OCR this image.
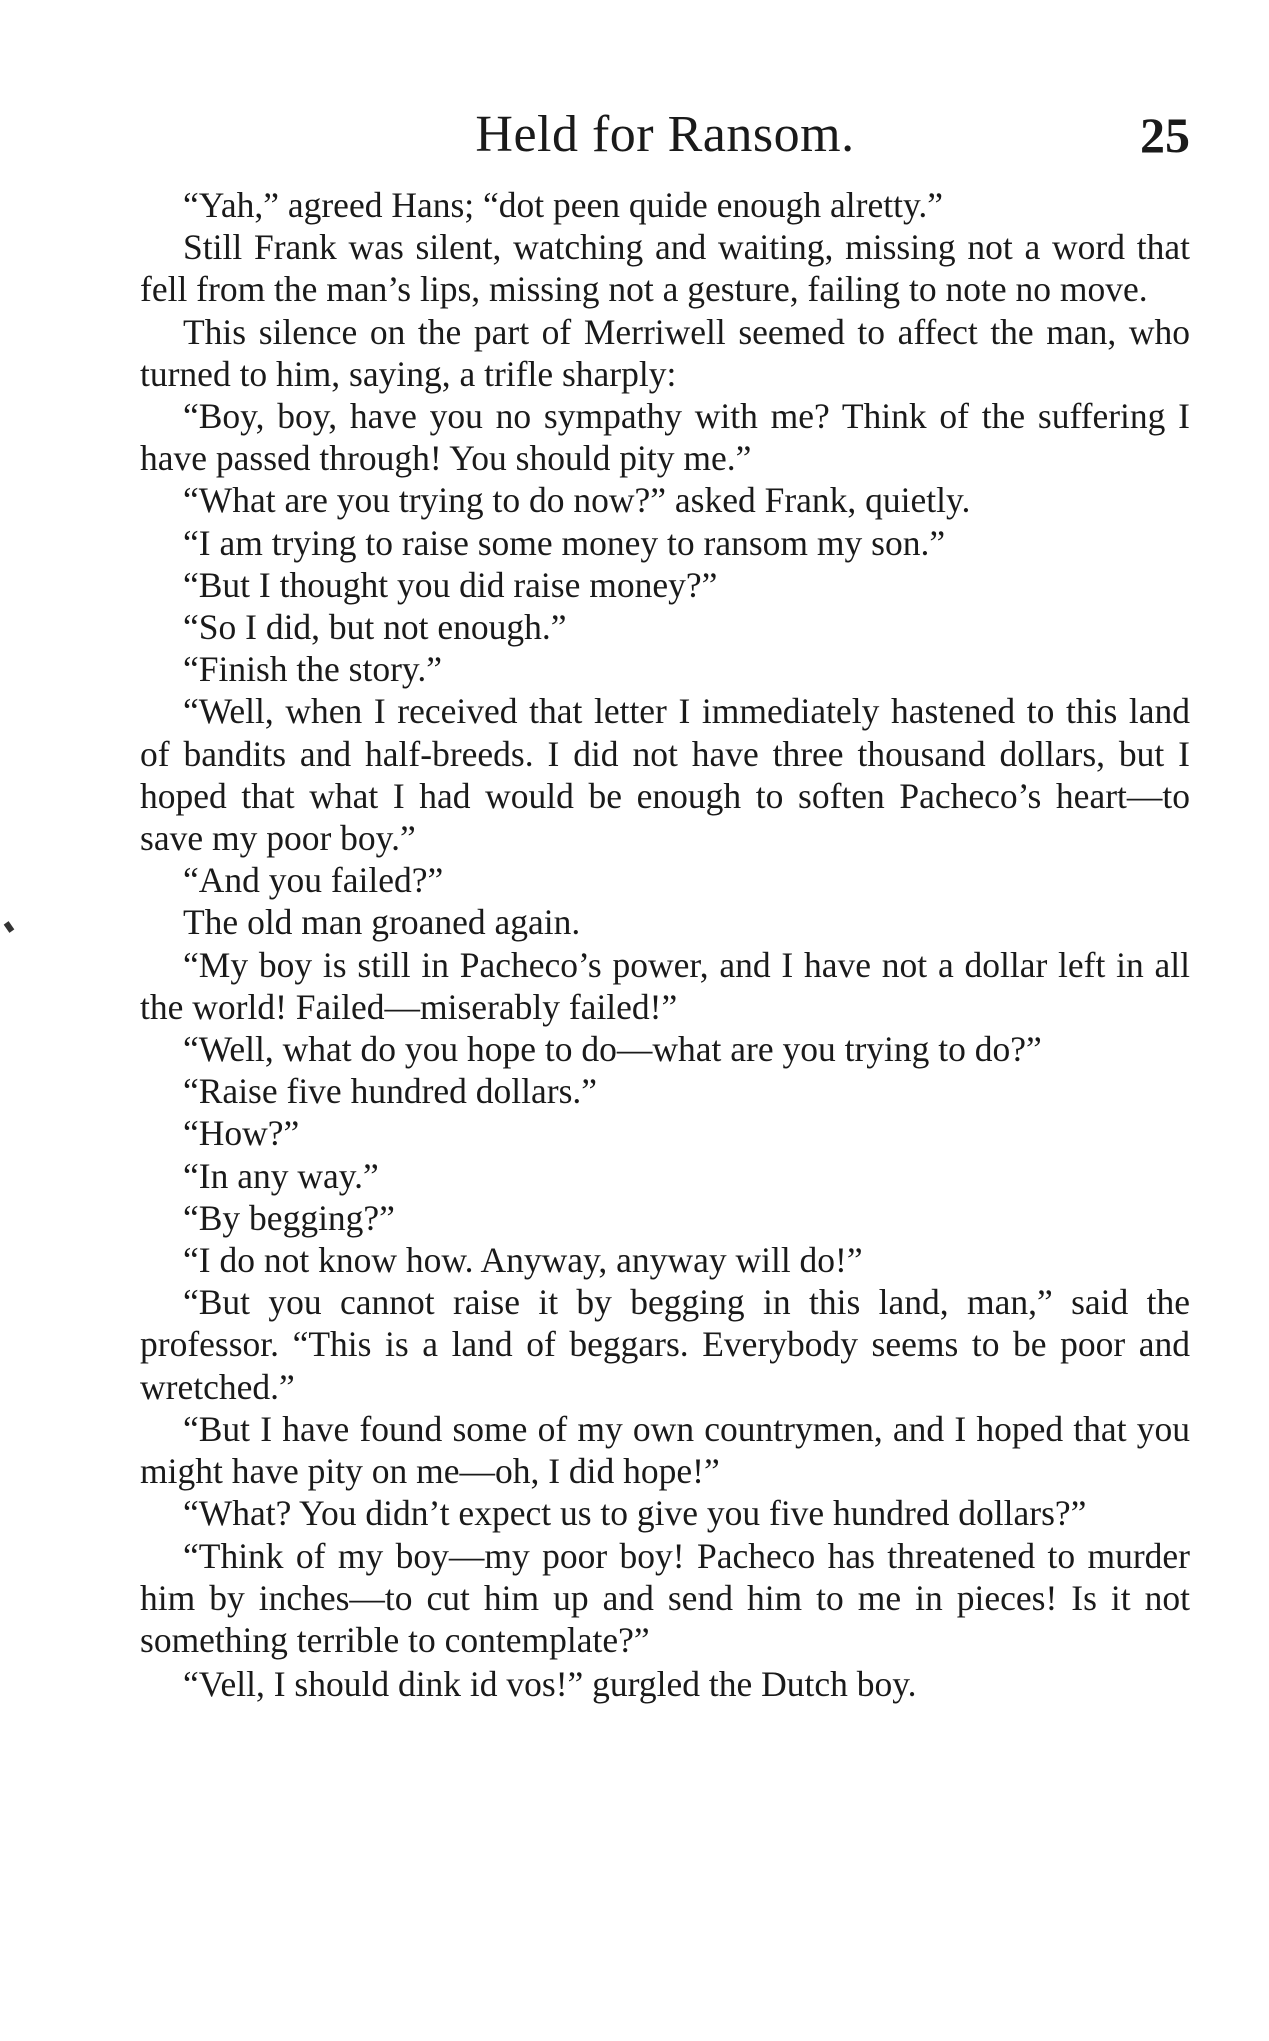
Held for Ransom.	25

“Yah,” agreed Hans; “dot peen quide enough alretty.”

Still Frank was silent, watching and waiting, missing not a word that fell from the man’s lips, missing not a gesture, failing to note no move.

This silence on the part of Merriwell seemed to affect the man, who turned to him, saying, a trifle sharply:

“Boy, boy, have you no sympathy with me? Think of the suffering I have passed through! You should pity me.”

“What are you trying to do now?” asked Frank, quietly.

“I am trying to raise some money to ransom my son.”

“But I thought you did raise money?”

“So I did, but not enough.”

“Finish the story.”

“Well, when I received that letter I immediately hastened to this land of bandits and half-breeds. I did not have three thousand dollars, but I hoped that what I had would be enough to soften Pacheco’s heart—to save my poor boy.”

“And you failed?”

The old man groaned again.

“My boy is still in Pacheco’s power, and I have not a dollar left in all the world! Failed—miserably failed!”

“Well, what do you hope to do—what are you trying to do?”

“Raise five hundred dollars.”

“How?”

“In any way.”

“By begging?”

“I do not know how. Anyway, anyway will do!”

“But you cannot raise it by begging in this land, man,” said the professor. “This is a land of beggars. Everybody seems to be poor and wretched.”

“But I have found some of my own countrymen, and I hoped that you might have pity on me—oh, I did hope!”

“What? You didn’t expect us to give you five hundred dollars?”

“Think of my boy—my poor boy! Pacheco has threatened to murder him by inches—to cut him up and send him to me in pieces! Is it not something terrible to contemplate?”

“Vell, I should dink id vos!” gurgled the Dutch boy.
